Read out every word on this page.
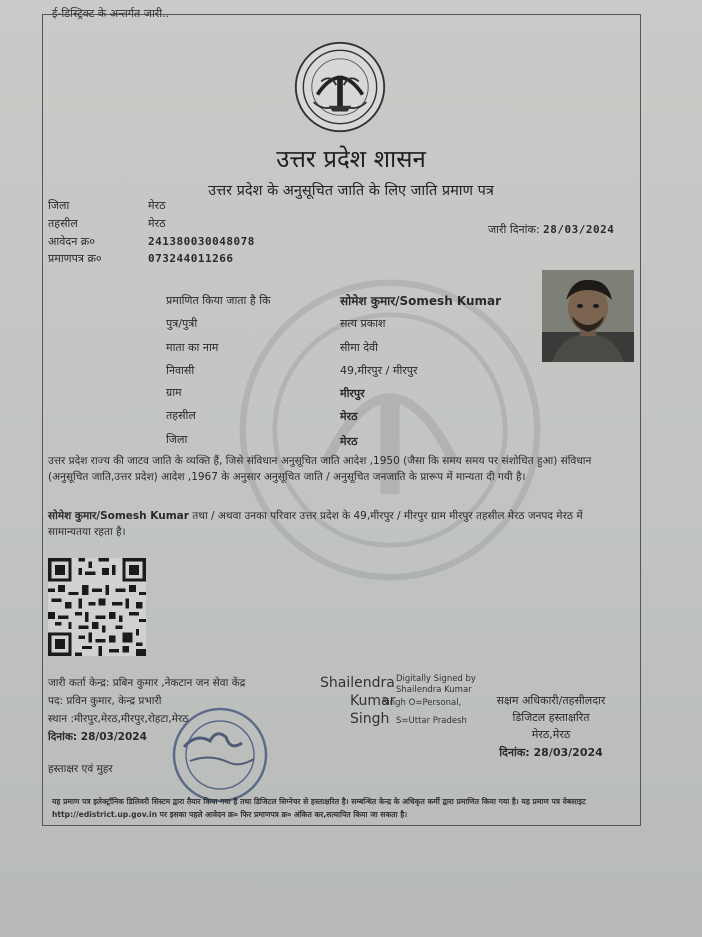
ई-डिस्ट्रिक्ट के अन्तर्गत जारी..
उत्तर प्रदेश शासन
उत्तर प्रदेश के अनुसूचित जाति के लिए जाति प्रमाण पत्र
जिला	मेरठ
तहसील	मेरठ
आवेदन क्र०	241380030048078
प्रमाणपत्र क्र०	073244011266
जारी दिनांक: 28/03/2024
प्रमाणित किया जाता है कि	सोमेश कुमार/Somesh Kumar
पुत्र/पुत्री	सत्य प्रकाश
माता का नाम	सीमा देवी
निवासी	49,मीरपुर / मीरपुर
ग्राम	मीरपुर
तहसील	मेरठ
जिला	मेरठ
उत्तर प्रदेश राज्य की जाटव जाति के व्यक्ति हैं, जिसे संविधान अनुसूचित जाति आदेश ,1950 (जैसा कि समय समय पर संशोधित हुआ) संविधान (अनुसूचित जाति,उत्तर प्रदेश) आदेश ,1967 के अनुसार अनुसूचित जाति / अनुसूचित जनजाति के प्रारूप में मान्यता दी गयी है।
सोमेश कुमार/Somesh Kumar तथा / अथवा उनका परिवार उत्तर प्रदेश के 49,मीरपुर / मीरपुर ग्राम मीरपुर तहसील मेरठ जनपद मेरठ में सामान्यतया रहता है।
जारी कर्ता केन्द्र: प्रबिन कुमार ,नेकटान जन सेवा केंद्र
पद: प्रविन कुमार, केन्द्र प्रभारी
स्थान :मीरपुर,मेरठ,मीरपुर,रोहटा,मेरठ
दिनांक: 28/03/2024
हस्ताक्षर एवं मुहर
Shailendra
Kumar
Singh
Digitally Signed by
Shailendra Kumar
Singh O=Personal,
S=Uttar Pradesh
सक्षम अधिकारी/तहसीलदार
डिजिटल हस्ताक्षरित
मेरठ,मेरठ
दिनांक: 28/03/2024
यह प्रमाण पत्र इलेक्ट्रॉनिक डिलिवरी सिस्टम द्वारा तैयार किया गया है तथा डिजिटल सिग्नेचर से हस्ताक्षरित है। सम्बन्धित केन्द्र के अधिकृत कर्मी द्वारा प्रमाणित किया गया है। यह प्रमाण पत्र वेबसाइट http://edistrict.up.gov.in पर इसका पहले आवेदन क्र० फिर प्रमाणपत्र क्र० अंकित कर,सत्यापित किया जा सकता है।
